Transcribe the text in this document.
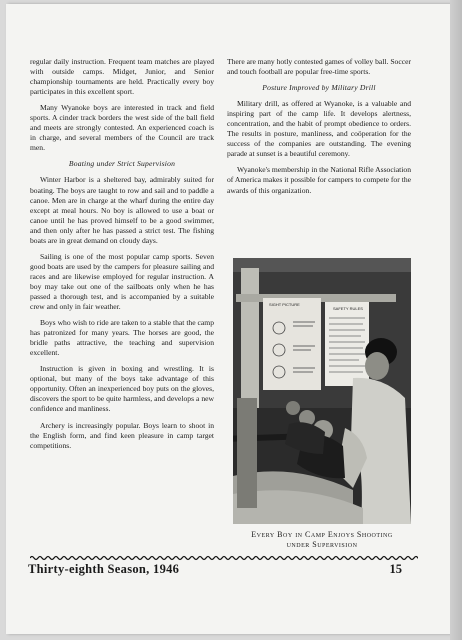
regular daily instruction. Frequent team matches are played with outside camps. Midget, Junior, and Senior championship tournaments are held. Practically every boy participates in this excellent sport.

Many Wyanoke boys are interested in track and field sports. A cinder track borders the west side of the ball field and meets are strongly contested. An experienced coach is in charge, and several members of the Council are track men.

Boating under Strict Supervision

Winter Harbor is a sheltered bay, admirably suited for boating. The boys are taught to row and sail and to paddle a canoe. Men are in charge at the wharf during the entire day except at meal hours. No boy is allowed to use a boat or canoe until he has proved himself to be a good swimmer, and then only after he has passed a strict test. The fishing boats are in great demand on cloudy days.

Sailing is one of the most popular camp sports. Seven good boats are used by the campers for pleasure sailing and races and are likewise employed for regular instruction. A boy may take out one of the sailboats only when he has passed a thorough test, and is accompanied by a suitable crew and only in fair weather.

Boys who wish to ride are taken to a stable that the camp has patronized for many years. The horses are good, the bridle paths attractive, the teaching and supervision excellent.

Instruction is given in boxing and wrestling. It is optional, but many of the boys take advantage of this opportunity. Often an inexperienced boy puts on the gloves, discovers the sport to be quite harmless, and develops a new confidence and manliness.

Archery is increasingly popular. Boys learn to shoot in the English form, and find keen pleasure in camp target competitions.

There are many hotly contested games of volley ball. Soccer and touch football are popular free-time sports.

Posture Improved by Military Drill

Military drill, as offered at Wyanoke, is a valuable and inspiring part of the camp life. It develops alertness, concentration, and the habit of prompt obedience to orders. The results in posture, manliness, and coöperation for the success of the companies are outstanding. The evening parade at sunset is a beautiful ceremony.

Wyanoke's membership in the National Rifle Association of America makes it possible for campers to compete for the awards of this organization.

SIGHT PICTURE
SAFETY RULES
Every Boy in Camp Enjoys Shooting
under Supervision
Thirty-eighth Season, 1946	15
